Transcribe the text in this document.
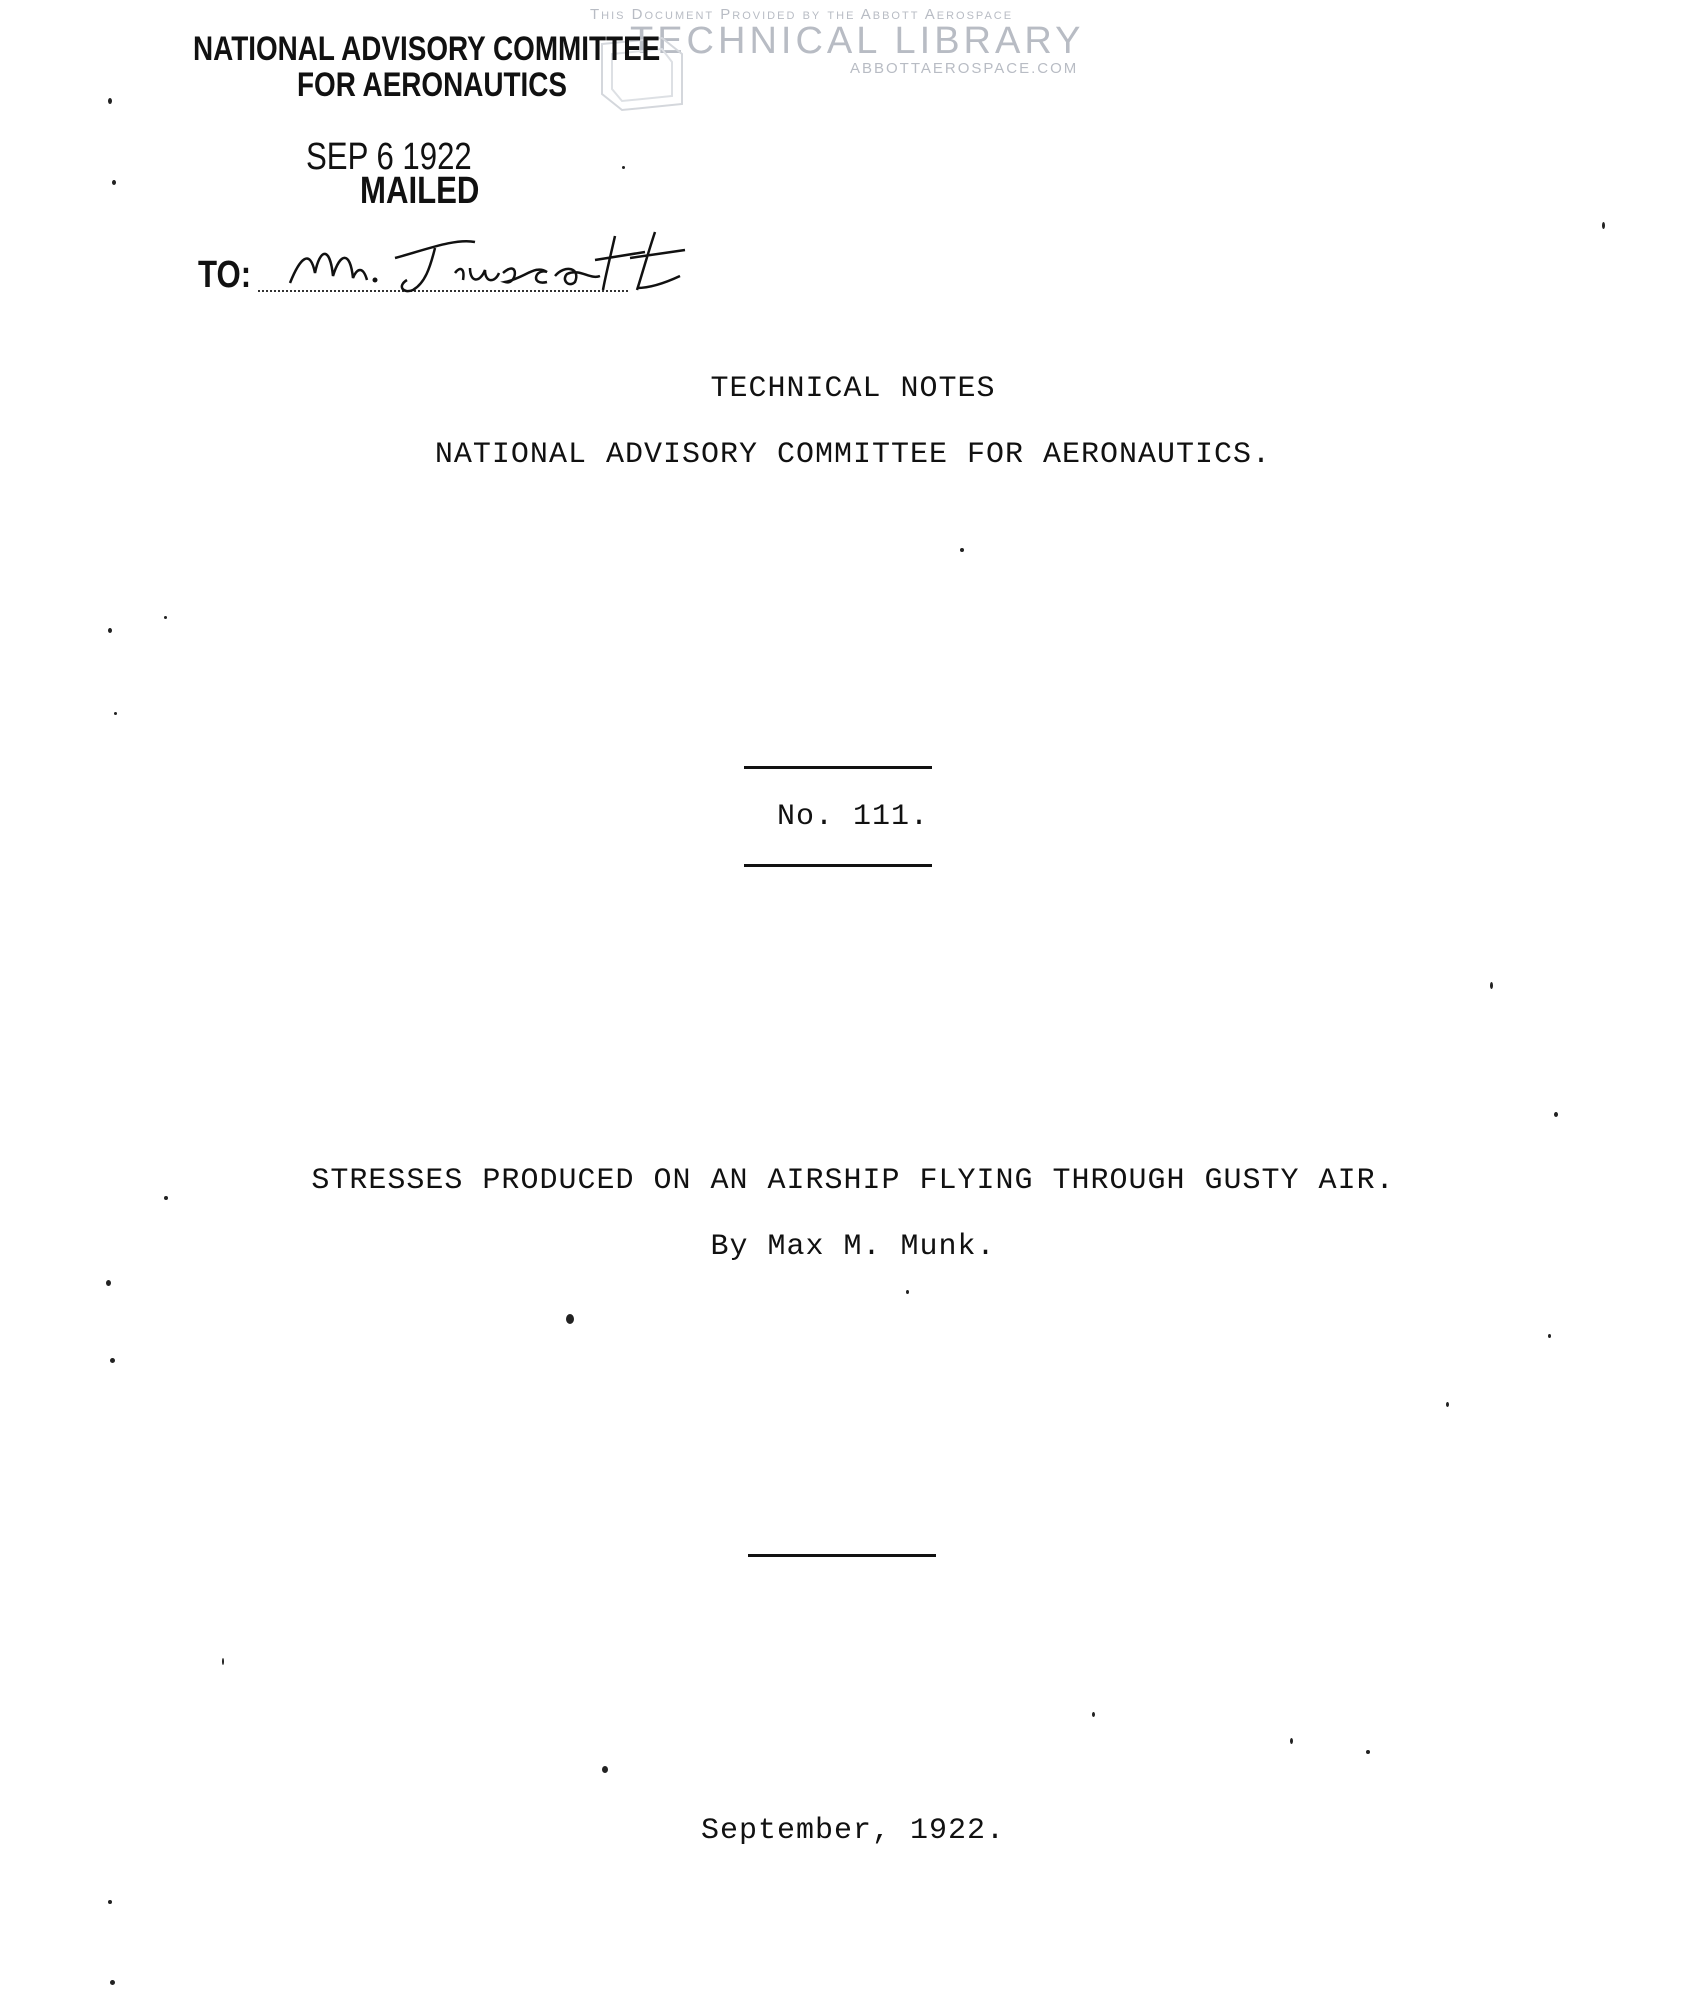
This Document Provided by the Abbott Aerospace
TECHNICAL LIBRARY
ABBOTTAEROSPACE.COM
NATIONAL ADVISORY COMMITTEE
FOR AERONAUTICS
SEP 6 1922
MAILED
TO:
TECHNICAL NOTES
NATIONAL ADVISORY COMMITTEE FOR AERONAUTICS.
No. 111.
STRESSES PRODUCED ON AN AIRSHIP FLYING THROUGH GUSTY AIR.
By Max M. Munk.
September, 1922.
